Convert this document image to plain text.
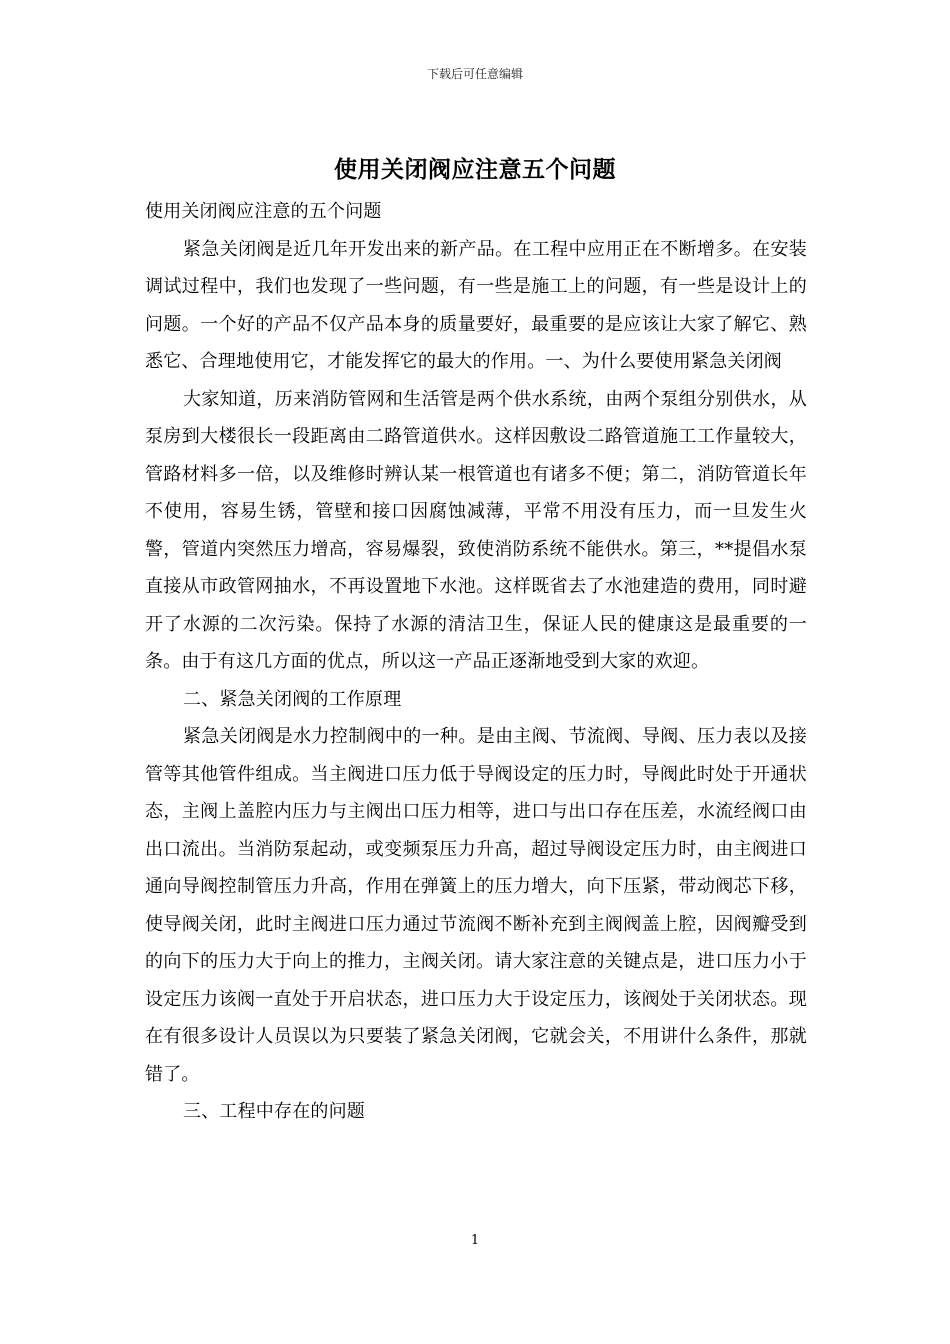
下载后可任意编辑
使用关闭阀应注意五个问题

使用关闭阀应注意的五个问题

紧急关闭阀是近几年开发出来的新产品。在工程中应用正在不断增多。在安装调试过程中，我们也发现了一些问题，有一些是施工上的问题，有一些是设计上的问题。一个好的产品不仅产品本身的质量要好，最重要的是应该让大家了解它、熟悉它、合理地使用它，才能发挥它的最大的作用。一、为什么要使用紧急关闭阀

大家知道，历来消防管网和生活管是两个供水系统，由两个泵组分别供水，从泵房到大楼很长一段距离由二路管道供水。这样因敷设二路管道施工工作量较大，管路材料多一倍，以及维修时辨认某一根管道也有诸多不便；第二，消防管道长年不使用，容易生锈，管壁和接口因腐蚀减薄，平常不用没有压力，而一旦发生火警，管道内突然压力增高，容易爆裂，致使消防系统不能供水。第三，**提倡水泵直接从市政管网抽水，不再设置地下水池。这样既省去了水池建造的费用，同时避开了水源的二次污染。保持了水源的清洁卫生，保证人民的健康这是最重要的一条。由于有这几方面的优点，所以这一产品正逐渐地受到大家的欢迎。

二、紧急关闭阀的工作原理

紧急关闭阀是水力控制阀中的一种。是由主阀、节流阀、导阀、压力表以及接管等其他管件组成。当主阀进口压力低于导阀设定的压力时，导阀此时处于开通状态，主阀上盖腔内压力与主阀出口压力相等，进口与出口存在压差，水流经阀口由出口流出。当消防泵起动，或变频泵压力升高，超过导阀设定压力时，由主阀进口通向导阀控制管压力升高，作用在弹簧上的压力增大，向下压紧，带动阀芯下移，使导阀关闭，此时主阀进口压力通过节流阀不断补充到主阀阀盖上腔，因阀瓣受到的向下的压力大于向上的推力，主阀关闭。请大家注意的关键点是，进口压力小于设定压力该阀一直处于开启状态，进口压力大于设定压力，该阀处于关闭状态。现在有很多设计人员误以为只要装了紧急关闭阀，它就会关，不用讲什么条件，那就错了。

三、工程中存在的问题

1
